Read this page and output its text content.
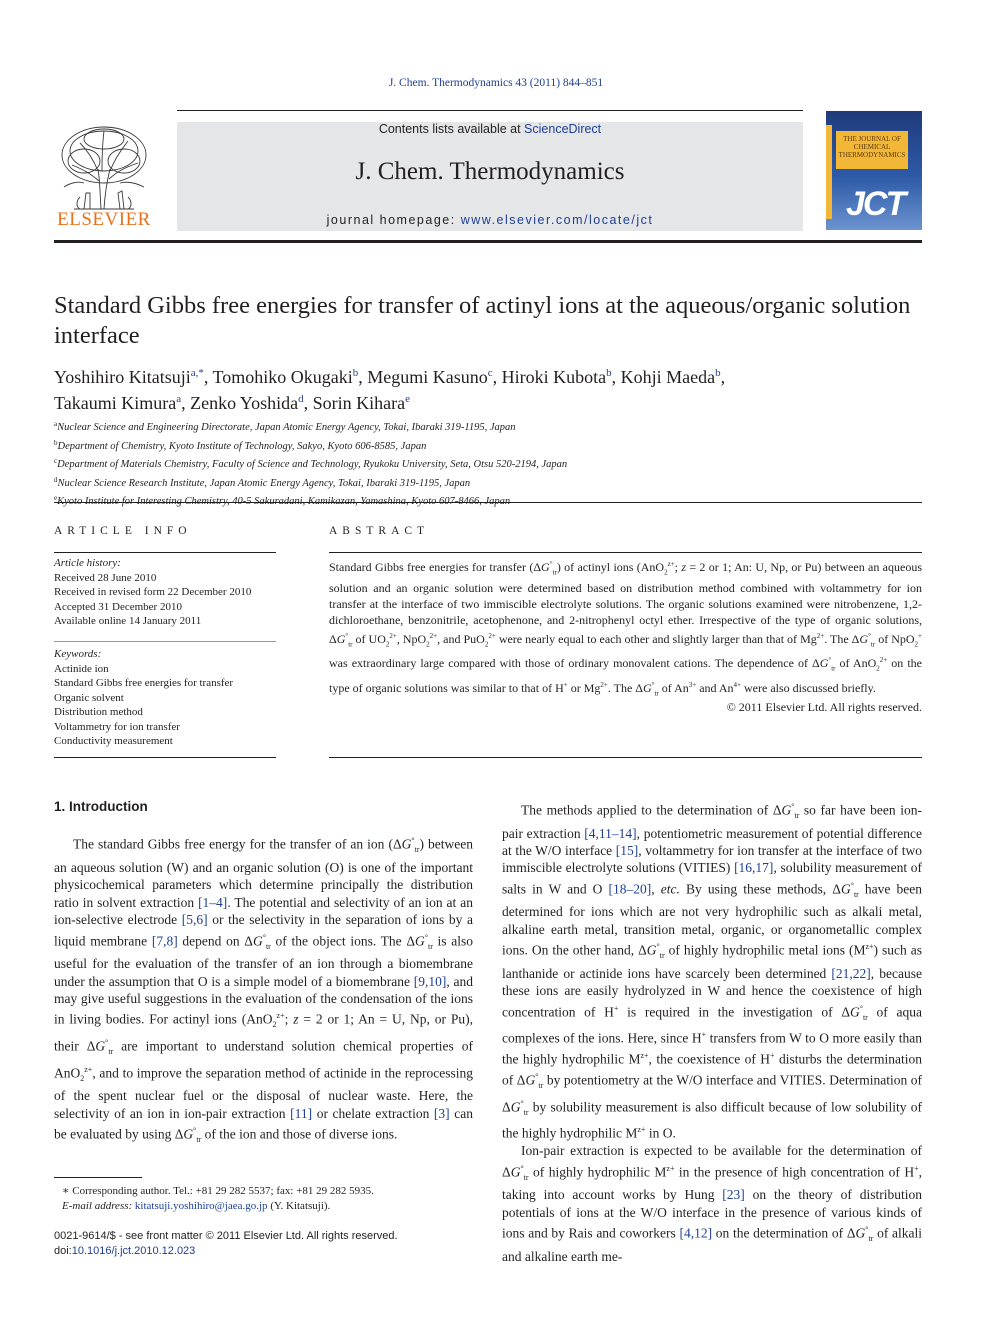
J. Chem. Thermodynamics 43 (2011) 844–851
ELSEVIER
Contents lists available at ScienceDirect
J. Chem. Thermodynamics
journal homepage: www.elsevier.com/locate/jct
THE JOURNAL OF CHEMICAL THERMODYNAMICS
JCT
Standard Gibbs free energies for transfer of actinyl ions at the aqueous/organic solution interface
Yoshihiro Kitatsuji$^{a,*}$, Tomohiko Okugaki$^b$, Megumi Kasuno$^c$, Hiroki Kubota$^b$, Kohji Maeda$^b$,
Takaumi Kimura$^a$, Zenko Yoshida$^d$, Sorin Kihara$^e$
$^a$Nuclear Science and Engineering Directorate, Japan Atomic Energy Agency, Tokai, Ibaraki 319-1195, Japan
$^b$Department of Chemistry, Kyoto Institute of Technology, Sakyo, Kyoto 606-8585, Japan
$^c$Department of Materials Chemistry, Faculty of Science and Technology, Ryukoku University, Seta, Otsu 520-2194, Japan
$^d$Nuclear Science Research Institute, Japan Atomic Energy Agency, Tokai, Ibaraki 319-1195, Japan
$^e$Kyoto Institute for Interesting Chemistry, 40-5 Sakuradani, Kamikazan, Yamashina, Kyoto 607-8466, Japan
ARTICLE INFO	ABSTRACT
Article history:
Received 28 June 2010
Received in revised form 22 December 2010
Accepted 31 December 2010
Available online 14 January 2011
Keywords:
Actinide ion
Standard Gibbs free energies for transfer
Organic solvent
Distribution method
Voltammetry for ion transfer
Conductivity measurement
Standard Gibbs free energies for transfer $(\Delta G^\circ_{tr})$ of actinyl ions (AnO$_2^{z+}$; z = 2 or 1; An: U, Np, or Pu) between an aqueous solution and an organic solution were determined based on distribution method combined with voltammetry for ion transfer at the interface of two immiscible electrolyte solutions. The organic solutions examined were nitrobenzene, 1,2-dichloroethane, benzonitrile, acetophenone, and 2-nitrophenyl octyl ether. Irrespective of the type of organic solutions, $\Delta G^\circ_{tr}$ of $UO_2^{2+}$, NpO$_2^{2+}$, and PuO$_2^{2+}$ were nearly equal to each other and slightly larger than that of $Mg^{2+}$. The $\Delta G^\circ_{tr}$ of NpO$_2$+ was extraordinary large compared with those of ordinary monovalent cations. The dependence of $\Delta G^\circ_{tr}$ of AnO$_2^{2+}$ on the type of organic solutions was similar to that of H+ or $Mg^{2+}$. The $\Delta G^\circ_{tr}$ of $An^{3+}$ and $An^{4+}$ were also discussed briefly.
© 2011 Elsevier Ltd. All rights reserved.
1. Introduction

The standard Gibbs free energy for the transfer of an ion $(\Delta G^\circ_{tr})$ between an aqueous solution (W) and an organic solution (O) is one of the important physicochemical parameters which determine principally the distribution ratio in solvent extraction [1–4]. The potential and selectivity of an ion at an ion-selective electrode [5,6] or the selectivity in the separation of ions by a liquid membrane [7,8] depend on $\Delta G^\circ_{tr}$ of the object ions. The $\Delta G^\circ_{tr}$ is also useful for the evaluation of the transfer of an ion through a biomembrane under the assumption that O is a simple model of a biomembrane [9,10], and may give useful suggestions in the evaluation of the condensation of the ions in living bodies. For actinyl ions (AnO$_2^{z+}$; z = 2 or 1; An = U, Np, or Pu), their $\Delta G^\circ_{tr}$ are important to understand solution chemical properties of AnO$_2^{z+}$, and to improve the separation method of actinide in the reprocessing of the spent nuclear fuel or the disposal of nuclear waste. Here, the selectivity of an ion in ion-pair extraction [11] or chelate extraction [3] can be evaluated by using $\Delta G^\circ_{tr}$ of the ion and those of diverse ions.

The methods applied to the determination of $\Delta G^\circ_{tr}$ so far have been ion-pair extraction [4,11–14], potentiometric measurement of potential difference at the W/O interface [15], voltammetry for ion transfer at the interface of two immiscible electrolyte solutions (VITIES) [16,17], solubility measurement of salts in W and O [18–20], etc. By using these methods, $\Delta G^\circ_{tr}$ have been determined for ions which are not very hydrophilic such as alkali metal, alkaline earth metal, transition metal, organic, or organometallic complex ions. On the other hand, $\Delta G^\circ_{tr}$ of highly hydrophilic metal ions $(M^{z+})$ such as lanthanide or actinide ions have scarcely been determined [21,22], because these ions are easily hydrolyzed in W and hence the coexistence of high concentration of H+ is required in the investigation of $\Delta G^\circ_{tr}$ of aqua complexes of the ions. Here, since H+ transfers from W to O more easily than the highly hydrophilic $M^{z+}$, the coexistence of H+ disturbs the determination of $\Delta G^\circ_{tr}$ by potentiometry at the W/O interface and VITIES. Determination of $\Delta G^\circ_{tr}$ by solubility measurement is also difficult because of low solubility of the highly hydrophilic $M^{z+}$ in O.

Ion-pair extraction is expected to be available for the determination of $\Delta G^\circ_{tr}$ of highly hydrophilic $M^{z+}$ in the presence of high concentration of H+, taking into account works by Hung [23] on the theory of distribution potentials of ions at the W/O interface in the presence of various kinds of ions and by Rais and coworkers [4,12] on the determination of $\Delta G^\circ_{tr}$ of alkali and alkaline earth me-

∗ Corresponding author. Tel.: +81 29 282 5537; fax: +81 29 282 5935.
E-mail address: kitatsuji.yoshihiro@jaea.go.jp (Y. Kitatsuji).
0021-9614/$ - see front matter © 2011 Elsevier Ltd. All rights reserved.
doi:10.1016/j.jct.2010.12.023
